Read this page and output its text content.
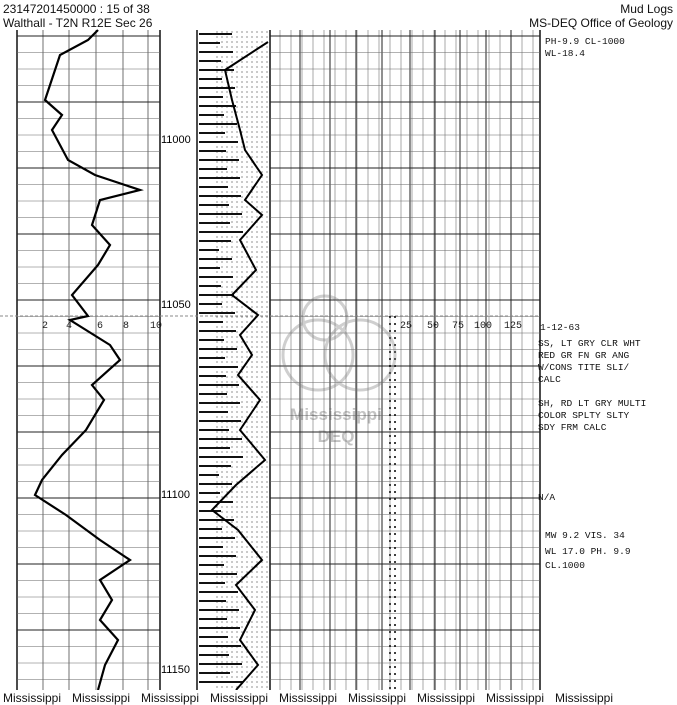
23147201450000 : 15 of 38
Walthall - T2N R12E Sec 26
Mud Logs
MS-DEQ Office of Geology
11000
11050
11100
11150
2 4 6 8 10	25 50 75 100 125
PH-9.9 CL-1000
WL-18.4
1-12-63
SS, LT GRY CLR WHT
RED GR FN GR ANG
W/CONS TITE SLI/
CALC
SH, RD LT GRY MULTI
COLOR SPLTY SLTY
SDY FRM CALC
N/A
MW 9.2 VIS. 34
WL 17.0 PH. 9.9
CL.1000
Mississippi
DEQ
Mississippi Mississippi Mississippi Mississippi Mississippi Mississippi Mississippi Mississippi Mississippi
